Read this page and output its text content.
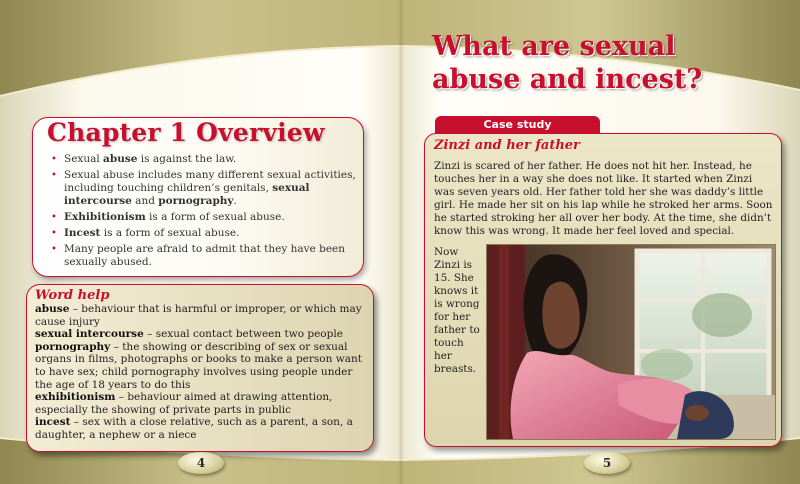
What are sexual abuse and incest?
Chapter 1 Overview
• Sexual abuse is against the law.
• Sexual abuse includes many different sexual activities, including touching children’s genitals, sexual intercourse and pornography.
• Exhibitionism is a form of sexual abuse.
• Incest is a form of sexual abuse.
• Many people are afraid to admit that they have been sexually abused.
Word help

abuse – behaviour that is harmful or improper, or which may cause injury

sexual intercourse – sexual contact between two people

pornography – the showing or describing of sex or sexual organs in films, photographs or books to make a person want to have sex; child pornography involves using people under the age of 18 years to do this

exhibitionism – behaviour aimed at drawing attention, especially the showing of private parts in public

incest – sex with a close relative, such as a parent, a son, a daughter, a nephew or a niece

Case study
Zinzi and her father

Zinzi is scared of her father. He does not hit her. Instead, he touches her in a way she does not like. It started when Zinzi was seven years old. Her father told her she was daddy’s little girl. He made her sit on his lap while he stroked her arms. Soon he started stroking her all over her body. At the time, she didn’t know this was wrong. It made her feel loved and special.

Now Zinzi is 15. She knows it is wrong for her father to touch her breasts.

4	5
